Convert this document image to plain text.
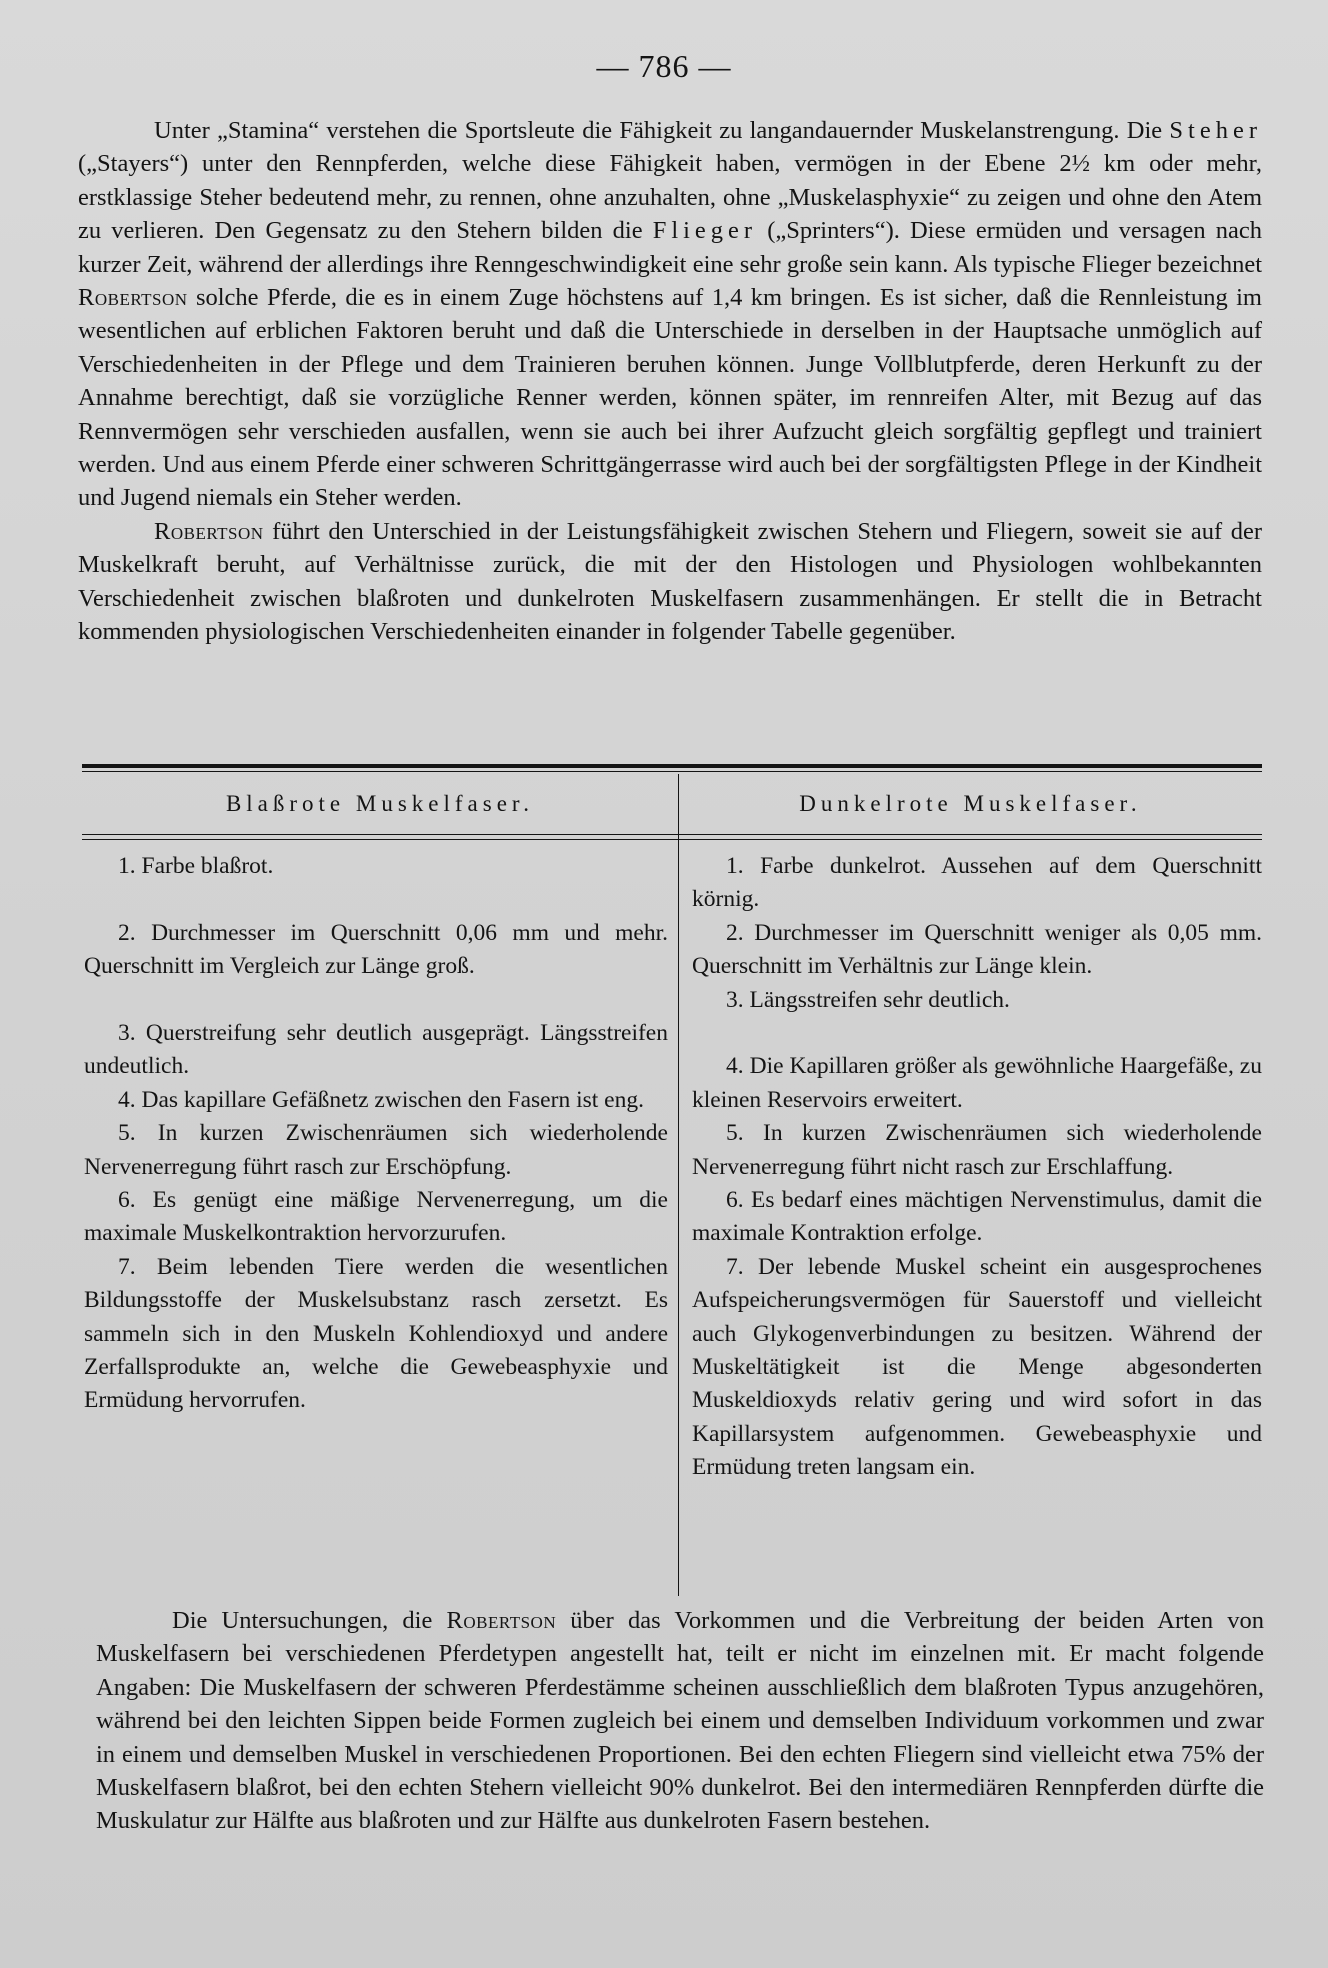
— 786 —

Unter „Stamina“ verstehen die Sportsleute die Fähigkeit zu langandauernder Muskelanstrengung. Die Steher („Stayers“) unter den Rennpferden, welche diese Fähigkeit haben, vermögen in der Ebene 2½ km oder mehr, erstklassige Steher bedeutend mehr, zu rennen, ohne anzuhalten, ohne „Muskelasphyxie“ zu zeigen und ohne den Atem zu verlieren. Den Gegensatz zu den Stehern bilden die Flieger („Sprinters“). Diese ermüden und versagen nach kurzer Zeit, während der allerdings ihre Renngeschwindigkeit eine sehr große sein kann. Als typische Flieger bezeichnet Robertson solche Pferde, die es in einem Zuge höchstens auf 1,4 km bringen. Es ist sicher, daß die Rennleistung im wesentlichen auf erblichen Faktoren beruht und daß die Unterschiede in derselben in der Hauptsache unmöglich auf Verschiedenheiten in der Pflege und dem Trainieren beruhen können. Junge Vollblutpferde, deren Herkunft zu der Annahme berechtigt, daß sie vorzügliche Renner werden, können später, im rennreifen Alter, mit Bezug auf das Rennvermögen sehr verschieden ausfallen, wenn sie auch bei ihrer Aufzucht gleich sorgfältig gepflegt und trainiert werden. Und aus einem Pferde einer schweren Schrittgängerrasse wird auch bei der sorgfältigsten Pflege in der Kindheit und Jugend niemals ein Steher werden.

Robertson führt den Unterschied in der Leistungsfähigkeit zwischen Stehern und Fliegern, soweit sie auf der Muskelkraft beruht, auf Verhältnisse zurück, die mit der den Histologen und Physiologen wohlbekannten Verschiedenheit zwischen blaßroten und dunkelroten Muskelfasern zusammenhängen. Er stellt die in Betracht kommenden physiologischen Verschiedenheiten einander in folgender Tabelle gegenüber.

Blaßrote Muskelfaser.	Dunkelrote Muskelfaser.

1. Farbe blaßrot.

2. Durchmesser im Querschnitt 0,06 mm und mehr. Querschnitt im Vergleich zur Länge groß.

3. Querstreifung sehr deutlich ausgeprägt. Längsstreifen undeutlich.

4. Das kapillare Gefäßnetz zwischen den Fasern ist eng.

5. In kurzen Zwischenräumen sich wiederholende Nervenerregung führt rasch zur Erschöpfung.

6. Es genügt eine mäßige Nervenerregung, um die maximale Muskelkontraktion hervorzurufen.

7. Beim lebenden Tiere werden die wesentlichen Bildungsstoffe der Muskelsubstanz rasch zersetzt. Es sammeln sich in den Muskeln Kohlendioxyd und andere Zerfallsprodukte an, welche die Gewebeasphyxie und Ermüdung hervorrufen.

1. Farbe dunkelrot. Aussehen auf dem Querschnitt körnig.

2. Durchmesser im Querschnitt weniger als 0,05 mm. Querschnitt im Verhältnis zur Länge klein.

3. Längsstreifen sehr deutlich.

4. Die Kapillaren größer als gewöhnliche Haargefäße, zu kleinen Reservoirs erweitert.

5. In kurzen Zwischenräumen sich wiederholende Nervenerregung führt nicht rasch zur Erschlaffung.

6. Es bedarf eines mächtigen Nervenstimulus, damit die maximale Kontraktion erfolge.

7. Der lebende Muskel scheint ein ausgesprochenes Aufspeicherungsvermögen für Sauerstoff und vielleicht auch Glykogenverbindungen zu besitzen. Während der Muskeltätigkeit ist die Menge abgesonderten Muskeldioxyds relativ gering und wird sofort in das Kapillarsystem aufgenommen. Gewebeasphyxie und Ermüdung treten langsam ein.

Die Untersuchungen, die Robertson über das Vorkommen und die Verbreitung der beiden Arten von Muskelfasern bei verschiedenen Pferdetypen angestellt hat, teilt er nicht im einzelnen mit. Er macht folgende Angaben: Die Muskelfasern der schweren Pferdestämme scheinen ausschließlich dem blaßroten Typus anzugehören, während bei den leichten Sippen beide Formen zugleich bei einem und demselben Individuum vorkommen und zwar in einem und demselben Muskel in verschiedenen Proportionen. Bei den echten Fliegern sind vielleicht etwa 75% der Muskelfasern blaßrot, bei den echten Stehern vielleicht 90% dunkelrot. Bei den intermediären Rennpferden dürfte die Muskulatur zur Hälfte aus blaßroten und zur Hälfte aus dunkelroten Fasern bestehen.
